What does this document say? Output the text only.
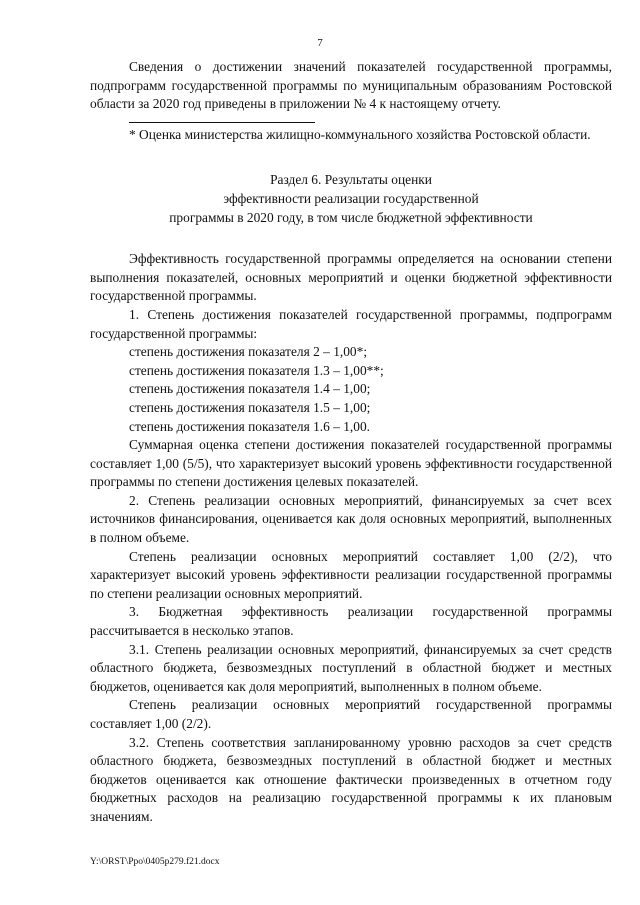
7

Сведения о достижении значений показателей государственной программы, подпрограмм государственной программы по муниципальным образованиям Ростовской области за 2020 год приведены в приложении № 4 к настоящему отчету.

* Оценка министерства жилищно-коммунального хозяйства Ростовской области.

Раздел 6. Результаты оценки
эффективности реализации государственной
программы в 2020 году, в том числе бюджетной эффективности

Эффективность государственной программы определяется на основании степени выполнения показателей, основных мероприятий и оценки бюджетной эффективности государственной программы.

1. Степень достижения показателей государственной программы, подпрограмм государственной программы:

степень достижения показателя 2 – 1,00*;
степень достижения показателя 1.3 – 1,00**;
степень достижения показателя 1.4 – 1,00;
степень достижения показателя 1.5 – 1,00;
степень достижения показателя 1.6 – 1,00.

Суммарная оценка степени достижения показателей государственной программы составляет 1,00 (5/5), что характеризует высокий уровень эффективности государственной программы по степени достижения целевых показателей.

2. Степень реализации основных мероприятий, финансируемых за счет всех источников финансирования, оценивается как доля основных мероприятий, выполненных в полном объеме.

Степень реализации основных мероприятий составляет 1,00 (2/2), что характеризует высокий уровень эффективности реализации государственной программы по степени реализации основных мероприятий.

3. Бюджетная эффективность реализации государственной программы рассчитывается в несколько этапов.

3.1. Степень реализации основных мероприятий, финансируемых за счет средств областного бюджета, безвозмездных поступлений в областной бюджет и местных бюджетов, оценивается как доля мероприятий, выполненных в полном объеме.

Степень реализации основных мероприятий государственной программы составляет 1,00 (2/2).

3.2. Степень соответствия запланированному уровню расходов за счет средств областного бюджета, безвозмездных поступлений в областной бюджет и местных бюджетов оценивается как отношение фактически произведенных в отчетном году бюджетных расходов на реализацию государственной программы к их плановым значениям.

Y:\ORST\Ppo\0405p279.f21.docx
